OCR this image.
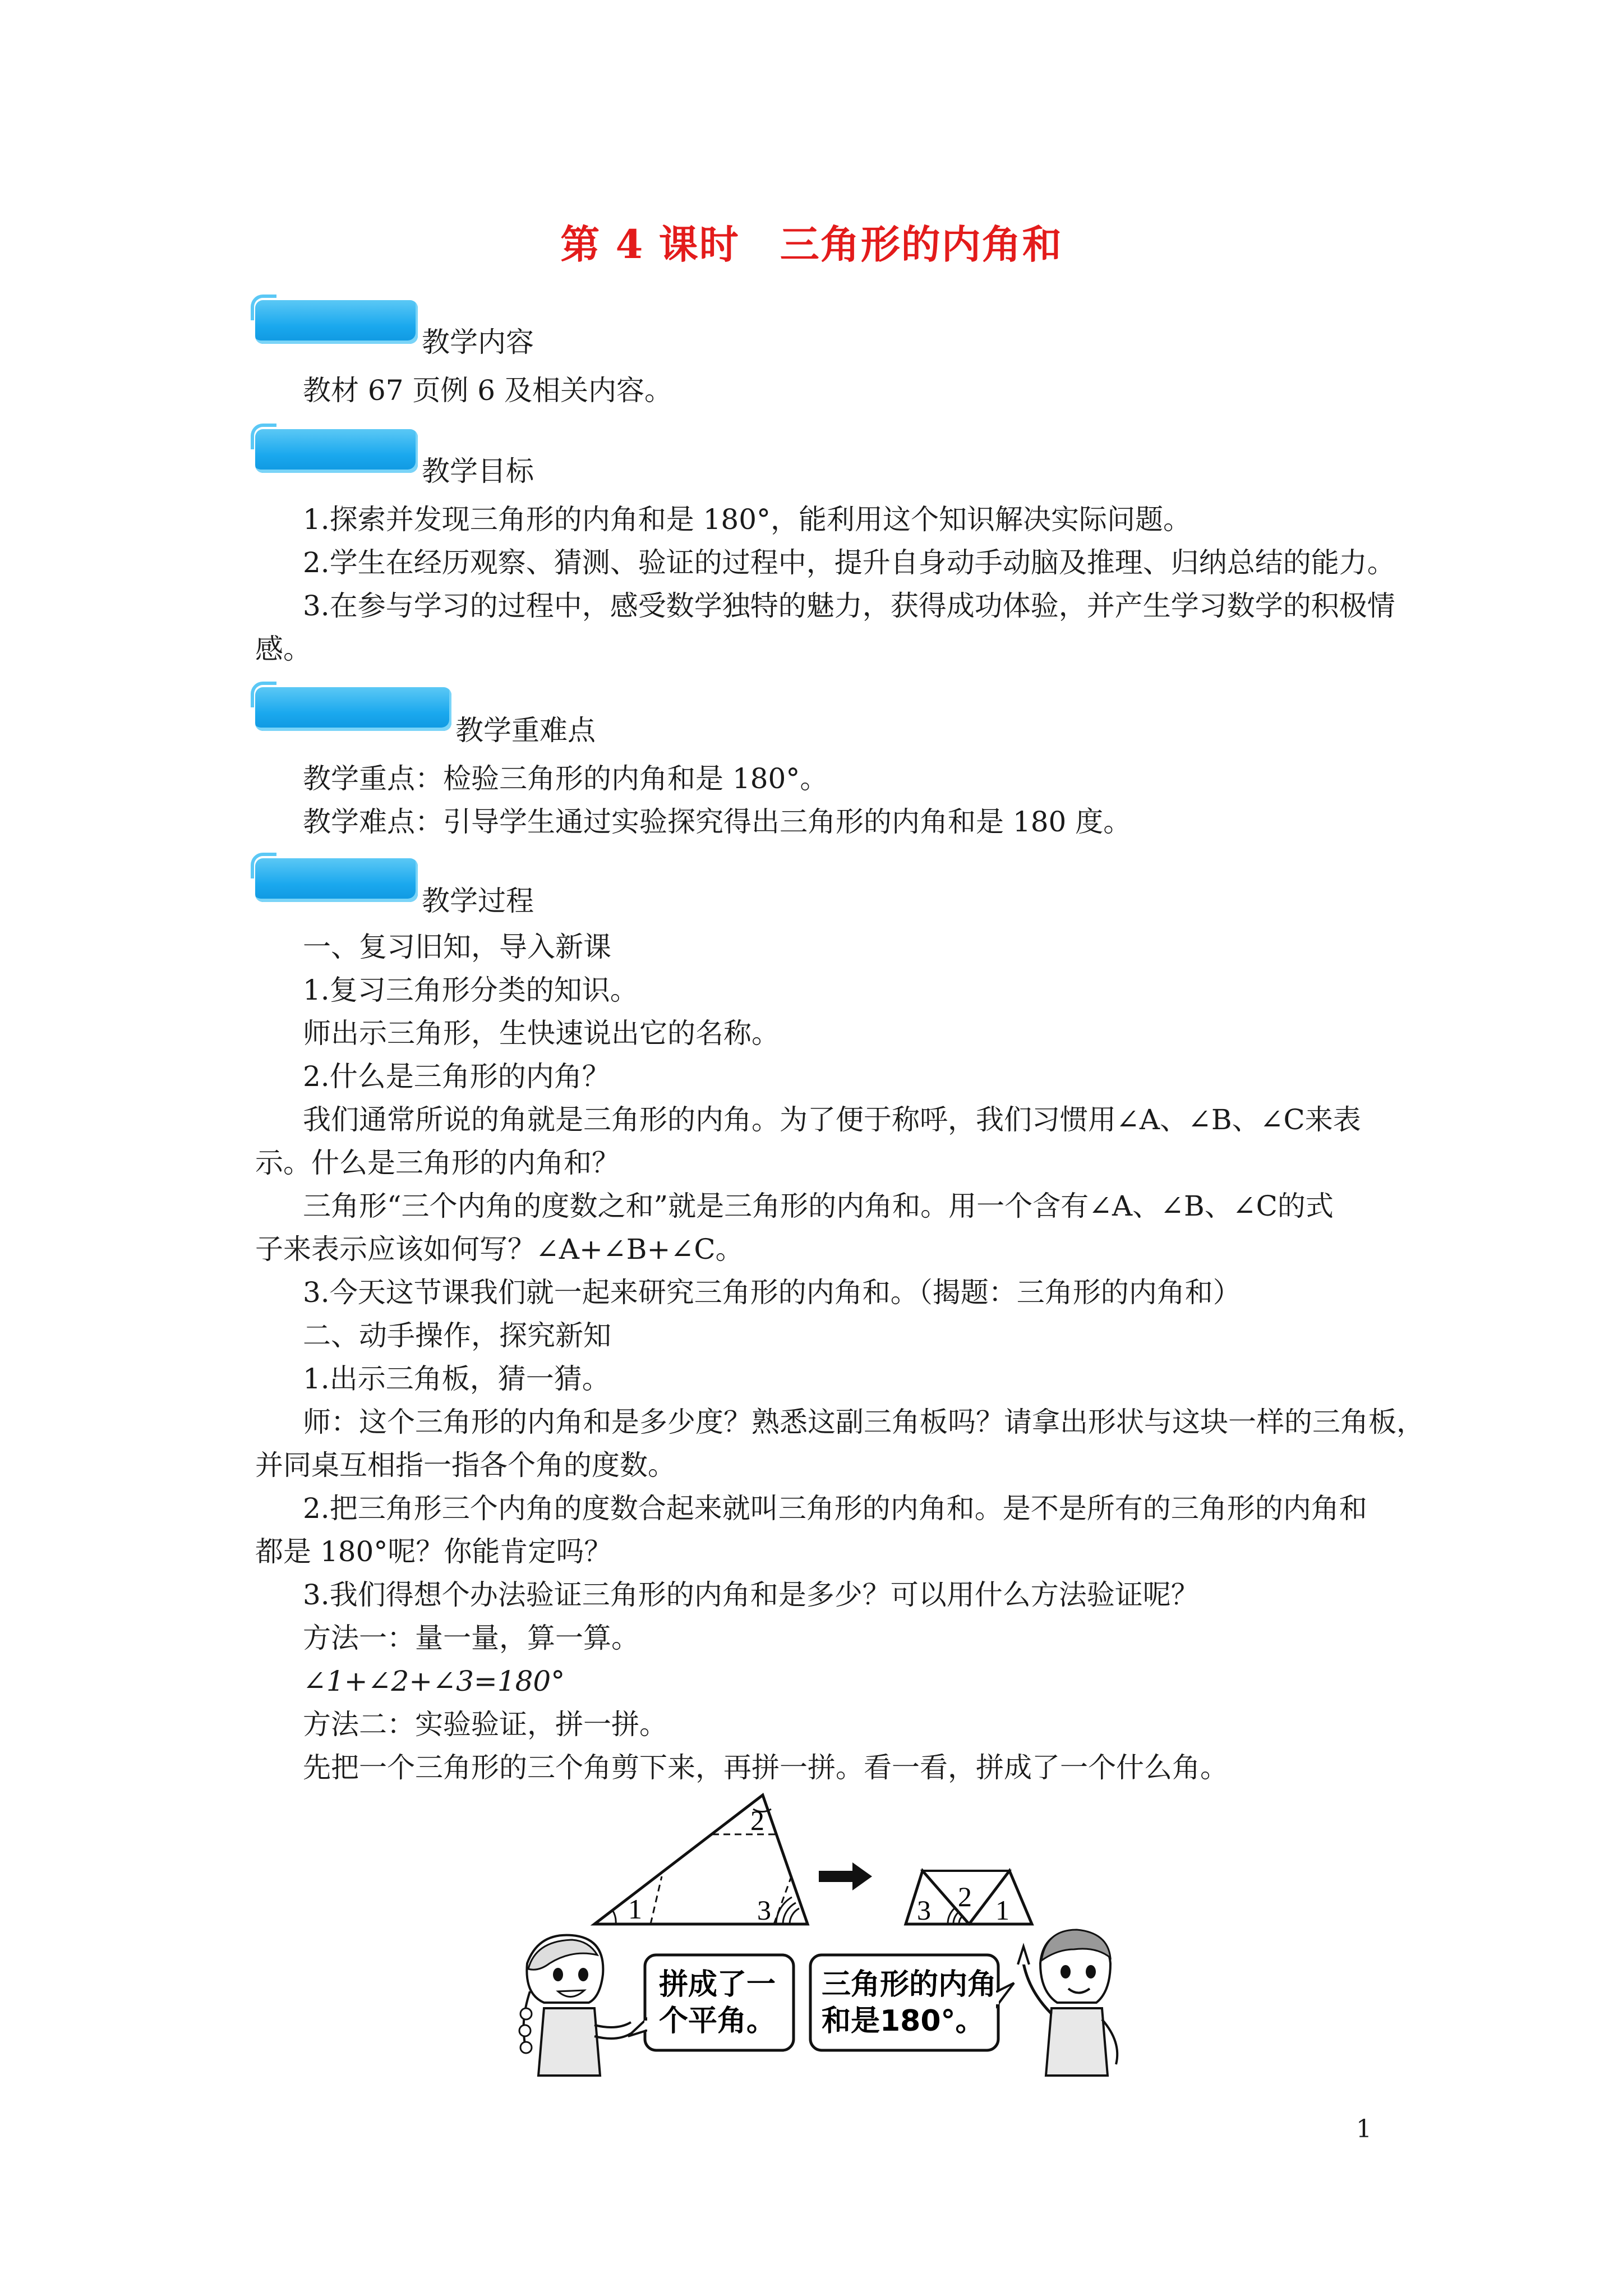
第 4 课时　三角形的内角和
教学内容
教材 67 页例 6 及相关内容。
教学目标
1.探索并发现三角形的内角和是 180°，能利用这个知识解决实际问题。
2.学生在经历观察、猜测、验证的过程中，提升自身动手动脑及推理、归纳总结的能力。
3.在参与学习的过程中，感受数学独特的魅力，获得成功体验，并产生学习数学的积极情
感。
教学重难点
教学重点：检验三角形的内角和是 180°。
教学难点：引导学生通过实验探究得出三角形的内角和是 180 度。
教学过程
一、复习旧知，导入新课
1.复习三角形分类的知识。
师出示三角形，生快速说出它的名称。
2.什么是三角形的内角？
我们通常所说的角就是三角形的内角。为了便于称呼，我们习惯用∠A、∠B、∠C来表
示。什么是三角形的内角和？
三角形“三个内角的度数之和”就是三角形的内角和。用一个含有∠A、∠B、∠C的式
子来表示应该如何写？∠A+∠B+∠C。
3.今天这节课我们就一起来研究三角形的内角和。（揭题：三角形的内角和）
二、动手操作，探究新知
1.出示三角板，猜一猜。
师：这个三角形的内角和是多少度？熟悉这副三角板吗？请拿出形状与这块一样的三角板，
并同桌互相指一指各个角的度数。
2.把三角形三个内角的度数合起来就叫三角形的内角和。是不是所有的三角形的内角和
都是 180°呢？你能肯定吗？
3.我们得想个办法验证三角形的内角和是多少？可以用什么方法验证呢？
方法一：量一量，算一算。
∠1+∠2+∠3=180°
方法二：实验验证，拼一拼。
先把一个三角形的三个角剪下来，再拼一拼。看一看，拼成了一个什么角。
1
2
3	3 2 1
拼成了一
个平角。
三角形的内角
和是180°。
1
